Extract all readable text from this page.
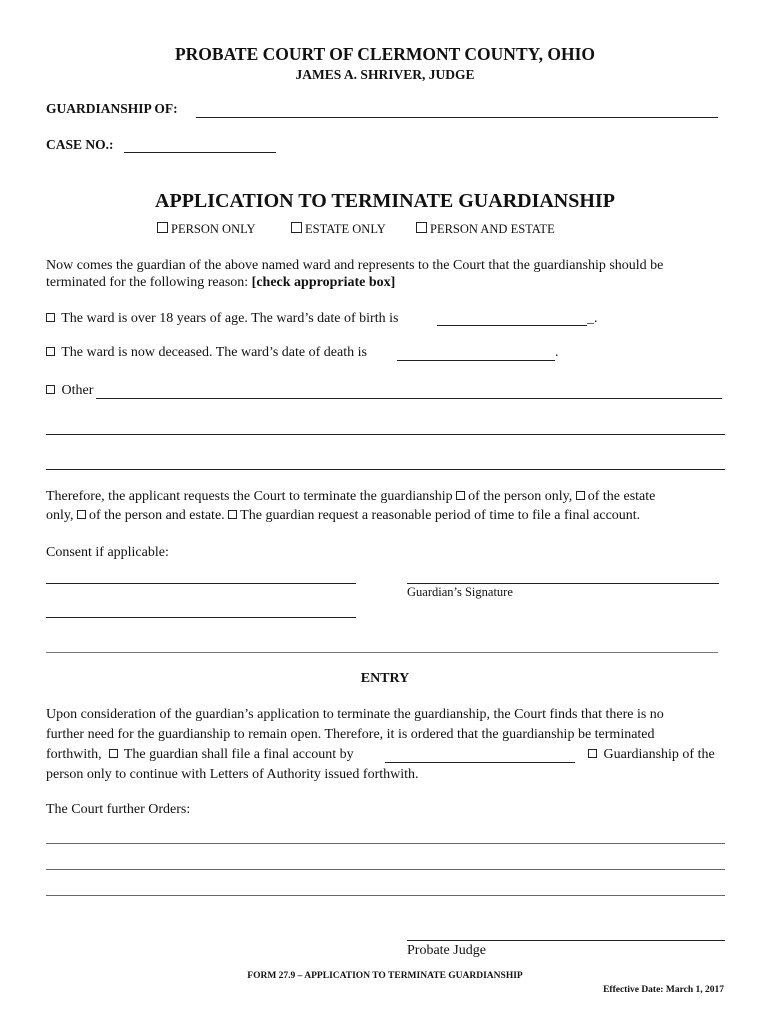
PROBATE COURT OF CLERMONT COUNTY, OHIO
JAMES A. SHRIVER, JUDGE
GUARDIANSHIP OF:
CASE NO.:
APPLICATION TO TERMINATE GUARDIANSHIP
PERSON ONLY	ESTATE ONLY	PERSON AND ESTATE
Now comes the guardian of the above named ward and represents to the Court that the guardianship should be
terminated for the following reason: [check appropriate box]
The ward is over 18 years of age. The ward’s date of birth is	_.
The ward is now deceased. The ward’s date of death is	.
Other
Therefore, the applicant requests the Court to terminate the guardianship of the person only, of the estate
only, of the person and estate. The guardian request a reasonable period of time to file a final account.
Consent if applicable:
Guardian’s Signature
ENTRY
Upon consideration of the guardian’s application to terminate the guardianship, the Court finds that there is no
further need for the guardianship to remain open. Therefore, it is ordered that the guardianship be terminated
forthwith, The guardian shall file a final account by	Guardianship of the
person only to continue with Letters of Authority issued forthwith.
The Court further Orders:
Probate Judge
FORM 27.9 – APPLICATION TO TERMINATE GUARDIANSHIP
Effective Date: March 1, 2017
